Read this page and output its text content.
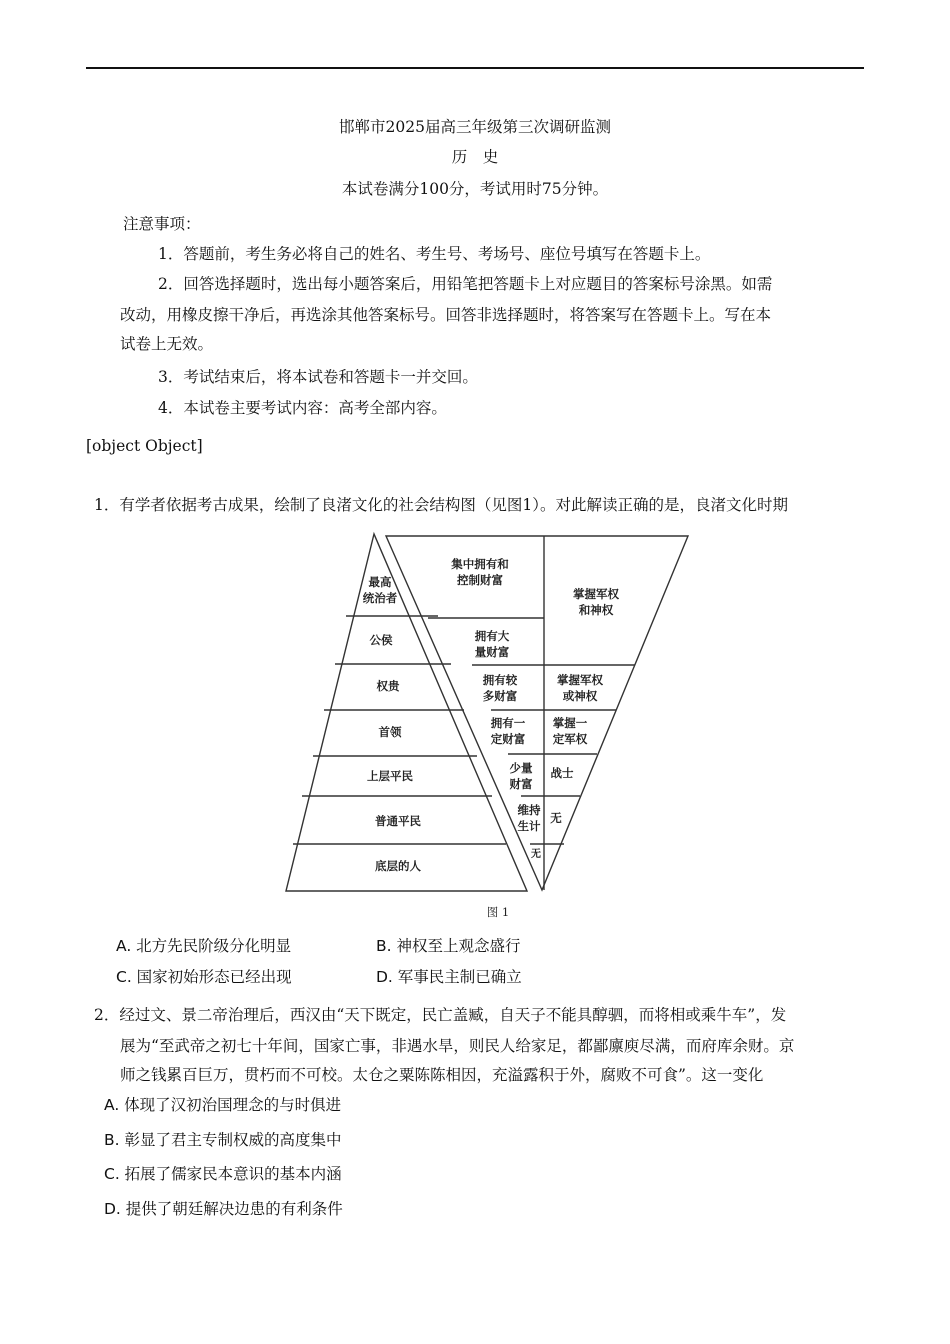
邯郸市2025届高三年级第三次调研监测
历　史
本试卷满分100分，考试用时75分钟。
注意事项：
1．答题前，考生务必将自己的姓名、考生号、考场号、座位号填写在答题卡上。
2．回答选择题时，选出每小题答案后，用铅笔把答题卡上对应题目的答案标号涂黑。如需
改动，用橡皮擦干净后，再选涂其他答案标号。回答非选择题时，将答案写在答题卡上。写在本
试卷上无效。
3．考试结束后，将本试卷和答题卡一并交回。
4．本试卷主要考试内容：高考全部内容。
[object Object]
1．有学者依据考古成果，绘制了良渚文化的社会结构图（见图1）。对此解读正确的是，良渚文化时期
最高
统治者
公侯
权贵
首领
上层平民
普通平民
底层的人
集中拥有和
控制财富
拥有大
量财富
拥有较
多财富
拥有一
定财富
少量
财富
维持
生计
无
掌握军权
和神权
掌握军权
或神权
掌握一
定军权
战士
无
图 1
A. 北方先民阶级分化明显	B. 神权至上观念盛行
C. 国家初始形态已经出现	D. 军事民主制已确立
2．经过文、景二帝治理后，西汉由“天下既定，民亡盖臧，自天子不能具醇驷，而将相或乘牛车”，发
展为“至武帝之初七十年间，国家亡事，非遇水旱，则民人给家足，都鄙廪庾尽满，而府库余财。京
师之钱累百巨万，贯朽而不可校。太仓之粟陈陈相因，充溢露积于外，腐败不可食”。这一变化
A. 体现了汉初治国理念的与时俱进
B. 彰显了君主专制权威的高度集中
C. 拓展了儒家民本意识的基本内涵
D. 提供了朝廷解决边患的有利条件
